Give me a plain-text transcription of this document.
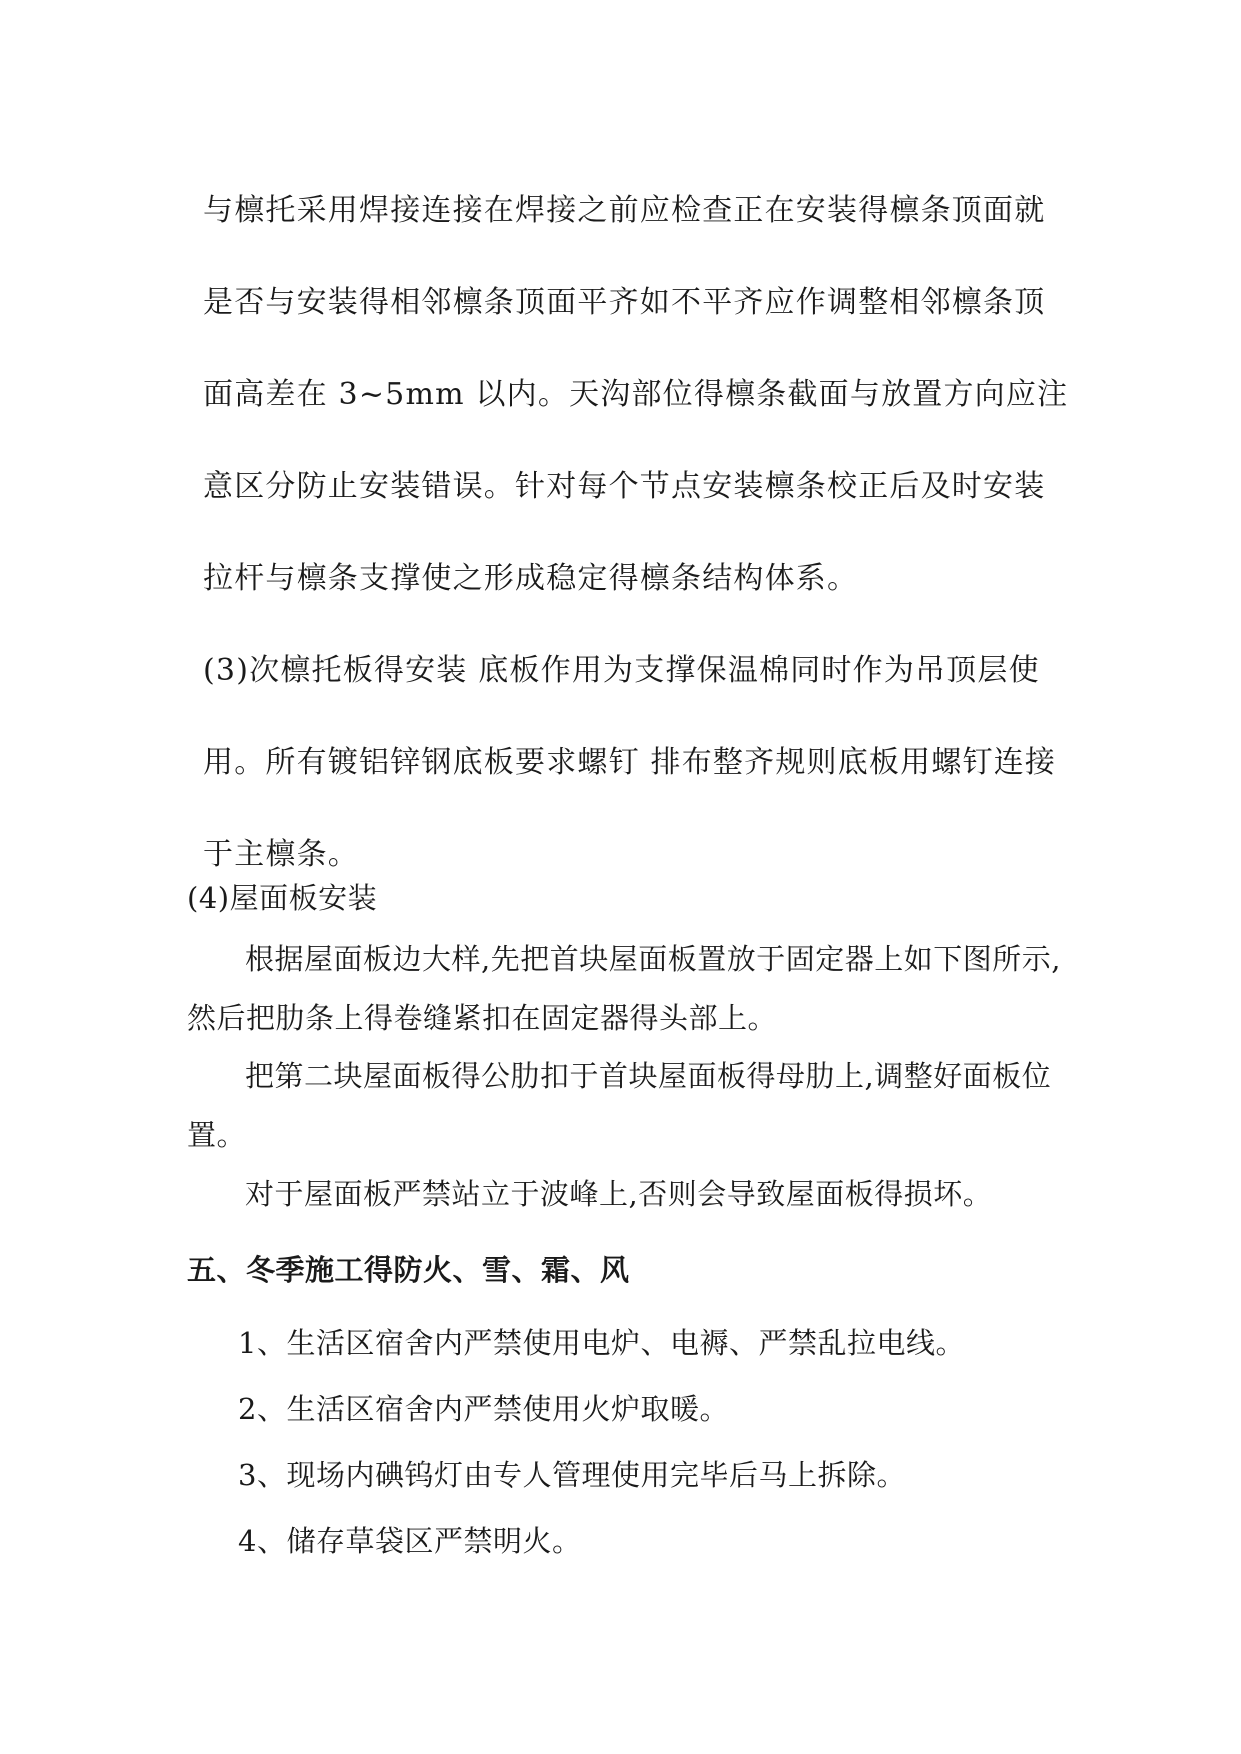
与檩托采用焊接连接在焊接之前应检查正在安装得檩条顶面就
是否与安装得相邻檩条顶面平齐如不平齐应作调整相邻檩条顶
面高差在 3~5mm 以内。天沟部位得檩条截面与放置方向应注
意区分防止安装错误。针对每个节点安装檩条校正后及时安装
拉杆与檩条支撑使之形成稳定得檩条结构体系。
(3)次檩托板得安装 底板作用为支撑保温棉同时作为吊顶层使
用。所有镀铝锌钢底板要求螺钉 排布整齐规则底板用螺钉连接
于主檩条。
(4)屋面板安装
根据屋面板边大样,先把首块屋面板置放于固定器上如下图所示,
然后把肋条上得卷缝紧扣在固定器得头部上。
把第二块屋面板得公肋扣于首块屋面板得母肋上,调整好面板位
置。
对于屋面板严禁站立于波峰上,否则会导致屋面板得损坏。
五、冬季施工得防火、雪、霜、风
1、生活区宿舍内严禁使用电炉、电褥、严禁乱拉电线。
2、生活区宿舍内严禁使用火炉取暖。
3、现场内碘钨灯由专人管理使用完毕后马上拆除。
4、储存草袋区严禁明火。
